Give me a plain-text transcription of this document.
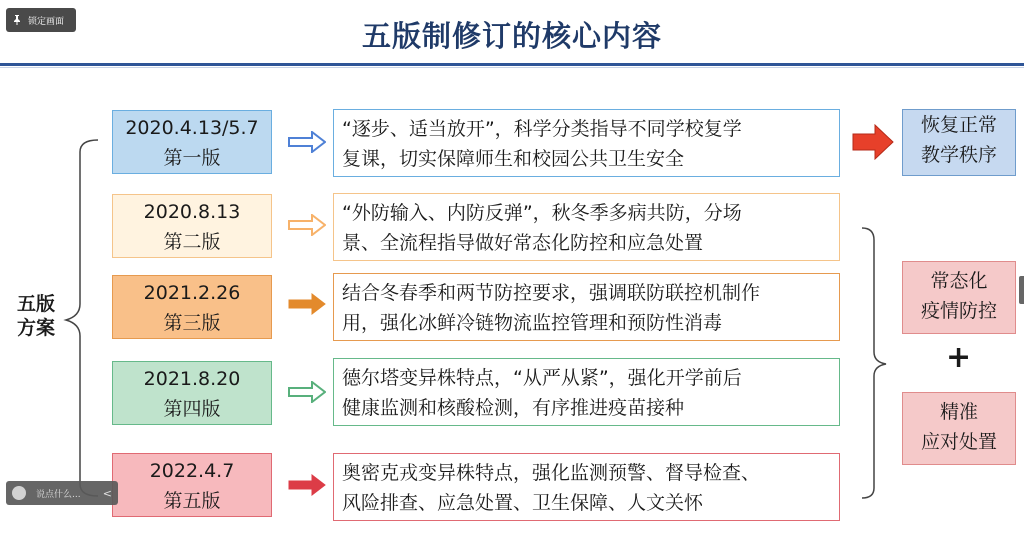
锁定画面	五版制修订的核心内容
五版
方案
2020.4.13/5.7
第一版
“逐步、适当放开”，科学分类指导不同学校复学
复课，切实保障师生和校园公共卫生安全
2020.8.13
第二版
“外防输入、内防反弹”，秋冬季多病共防，分场
景、全流程指导做好常态化防控和应急处置
2021.2.26
第三版
结合冬春季和两节防控要求，强调联防联控机制作
用，强化冰鲜冷链物流监控管理和预防性消毒
2021.8.20
第四版
德尔塔变异株特点，“从严从紧”，强化开学前后
健康监测和核酸检测，有序推进疫苗接种
2022.4.7
第五版
奥密克戎变异株特点，强化监测预警、督导检查、
风险排查、应急处置、卫生保障、人文关怀
恢复正常
教学秩序
常态化
疫情防控
+
精准
应对处置
说点什么... <
